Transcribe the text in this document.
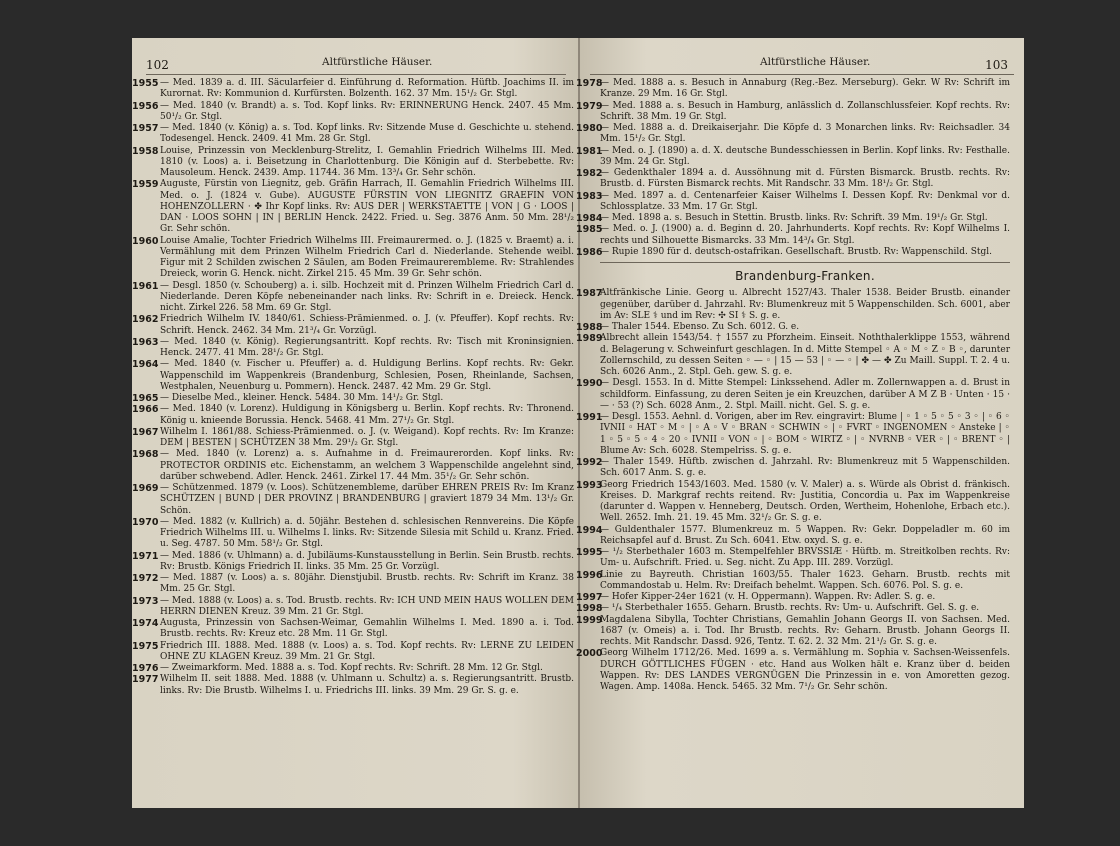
102	Altfürstliche Häuser.
1955 — Med. 1839 a. d. III. Säcularfeier d. Einführung d. Reformation. Hüftb. Joachims II. im Kurornat. Rv: Kommunion d. Kurfürsten. Bolzenth. 162. 37 Mm. 15¹/₂ Gr. Stgl.
1956 — Med. 1840 (v. Brandt) a. s. Tod. Kopf links. Rv: ERINNERUNG Henck. 2407. 45 Mm. 50¹/₂ Gr. Stgl.
1957 — Med. 1840 (v. König) a. s. Tod. Kopf links. Rv: Sitzende Muse d. Geschichte u. stehend. Todesengel. Henck. 2409. 41 Mm. 28 Gr. Stgl.
1958 Louise, Prinzessin von Mecklenburg-Strelitz, I. Gemahlin Friedrich Wilhelms III. Med. 1810 (v. Loos) a. i. Beisetzung in Charlottenburg. Die Königin auf d. Sterbebette. Rv: Mausoleum. Henck. 2439. Amp. 11744. 36 Mm. 13³/₄ Gr. Sehr schön.
1959 Auguste, Fürstin von Liegnitz, geb. Gräfin Harrach, II. Gemahlin Friedrich Wilhelms III. Med. o. J. (1824 v. Gube). AUGUSTE FÜRSTIN VON LIEGNITZ GRAEFIN VON HOHENZOLLERN · ✤ Ihr Kopf links. Rv: AUS DER | WERKSTAETTE | VON | G · LOOS | DAN · LOOS SOHN | IN | BERLIN Henck. 2422. Fried. u. Seg. 3876 Anm. 50 Mm. 28¹/₂ Gr. Sehr schön.
1960 Louise Amalie, Tochter Friedrich Wilhelms III. Freimaurermed. o. J. (1825 v. Braemt) a. i. Vermählung mit dem Prinzen Wilhelm Friedrich Carl d. Niederlande. Stehende weibl. Figur mit 2 Schilden zwischen 2 Säulen, am Boden Freimaurerembleme. Rv: Strahlendes Dreieck, worin G. Henck. nicht. Zirkel 215. 45 Mm. 39 Gr. Sehr schön.
1961 — Desgl. 1850 (v. Schouberg) a. i. silb. Hochzeit mit d. Prinzen Wilhelm Friedrich Carl d. Niederlande. Deren Köpfe nebeneinander nach links. Rv: Schrift in e. Dreieck. Henck. nicht. Zirkel 226. 58 Mm. 69 Gr. Stgl.
1962 Friedrich Wilhelm IV. 1840/61. Schiess-Prämienmed. o. J. (v. Pfeuffer). Kopf rechts. Rv: Schrift. Henck. 2462. 34 Mm. 21³/₄ Gr. Vorzügl.
1963 — Med. 1840 (v. König). Regierungsantritt. Kopf rechts. Rv: Tisch mit Kroninsignien. Henck. 2477. 41 Mm. 28¹/₂ Gr. Stgl.
1964 — Med. 1840 (v. Fischer u. Pfeuffer) a. d. Huldigung Berlins. Kopf rechts. Rv: Gekr. Wappenschild im Wappenkreis (Brandenburg, Schlesien, Posen, Rheinlande, Sachsen, Westphalen, Neuenburg u. Pommern). Henck. 2487. 42 Mm. 29 Gr. Stgl.
1965 — Dieselbe Med., kleiner. Henck. 5484. 30 Mm. 14¹/₂ Gr. Stgl.
1966 — Med. 1840 (v. Lorenz). Huldigung in Königsberg u. Berlin. Kopf rechts. Rv: Thronend. König u. knieende Borussia. Henck. 5468. 41 Mm. 27¹/₂ Gr. Stgl.
1967 Wilhelm I. 1861/88. Schiess-Prämienmed. o. J. (v. Weigand). Kopf rechts. Rv: Im Kranze: DEM | BESTEN | SCHÜTZEN 38 Mm. 29¹/₂ Gr. Stgl.
1968 — Med. 1840 (v. Lorenz) a. s. Aufnahme in d. Freimaurerorden. Kopf links. Rv: PROTECTOR ORDINIS etc. Eichenstamm, an welchem 3 Wappenschilde angelehnt sind, darüber schwebend. Adler. Henck. 2461. Zirkel 17. 44 Mm. 35¹/₂ Gr. Sehr schön.
1969 — Schützenmed. 1879 (v. Loos). Schützenembleme, darüber EHREN PREIS Rv: Im Kranz SCHÜTZEN | BUND | DER PROVINZ | BRANDENBURG | graviert 1879 34 Mm. 13¹/₂ Gr. Schön.
1970 — Med. 1882 (v. Kullrich) a. d. 50jähr. Bestehen d. schlesischen Rennvereins. Die Köpfe Friedrich Wilhelms III. u. Wilhelms I. links. Rv: Sitzende Silesia mit Schild u. Kranz. Fried. u. Seg. 4787. 50 Mm. 58¹/₂ Gr. Stgl.
1971 — Med. 1886 (v. Uhlmann) a. d. Jubiläums-Kunstausstellung in Berlin. Sein Brustb. rechts. Rv: Brustb. Königs Friedrich II. links. 35 Mm. 25 Gr. Vorzügl.
1972 — Med. 1887 (v. Loos) a. s. 80jähr. Dienstjubil. Brustb. rechts. Rv: Schrift im Kranz. 38 Mm. 25 Gr. Stgl.
1973 — Med. 1888 (v. Loos) a. s. Tod. Brustb. rechts. Rv: ICH UND MEIN HAUS WOLLEN DEM HERRN DIENEN Kreuz. 39 Mm. 21 Gr. Stgl.
1974 Augusta, Prinzessin von Sachsen-Weimar, Gemahlin Wilhelms I. Med. 1890 a. i. Tod. Brustb. rechts. Rv: Kreuz etc. 28 Mm. 11 Gr. Stgl.
1975 Friedrich III. 1888. Med. 1888 (v. Loos) a. s. Tod. Kopf rechts. Rv: LERNE ZU LEIDEN OHNE ZU KLAGEN Kreuz. 39 Mm. 21 Gr. Stgl.
1976 — Zweimarkform. Med. 1888 a. s. Tod. Kopf rechts. Rv: Schrift. 28 Mm. 12 Gr. Stgl.
1977 Wilhelm II. seit 1888. Med. 1888 (v. Uhlmann u. Schultz) a. s. Regierungsantritt. Brustb. links. Rv: Die Brustb. Wilhelms I. u. Friedrichs III. links. 39 Mm. 29 Gr. S. g. e.
Altfürstliche Häuser.	103
1978
— Med. 1888 a. s. Besuch in Annaburg (Reg.-Bez. Merseburg). Gekr. W Rv: Schrift im Kranze. 29 Mm. 16 Gr. Stgl.
1979
— Med. 1888 a. s. Besuch in Hamburg, anlässlich d. Zollanschlussfeier. Kopf rechts. Rv: Schrift. 38 Mm. 19 Gr. Stgl.
1980
— Med. 1888 a. d. Dreikaiserjahr. Die Köpfe d. 3 Monarchen links. Rv: Reichsadler. 34 Mm. 15¹/₂ Gr. Stgl.
1981
— Med. o. J. (1890) a. d. X. deutsche Bundesschiessen in Berlin. Kopf links. Rv: Festhalle. 39 Mm. 24 Gr. Stgl.
1982
— Gedenkthaler 1894 a. d. Aussöhnung mit d. Fürsten Bismarck. Brustb. rechts. Rv: Brustb. d. Fürsten Bismarck rechts. Mit Randschr. 33 Mm. 18¹/₂ Gr. Stgl.
1983
— Med. 1897 a. d. Centenarfeier Kaiser Wilhelms I. Dessen Kopf. Rv: Denkmal vor d. Schlossplatze. 33 Mm. 17 Gr. Stgl.
1984
— Med. 1898 a. s. Besuch in Stettin. Brustb. links. Rv: Schrift. 39 Mm. 19¹/₂ Gr. Stgl.
1985
— Med. o. J. (1900) a. d. Beginn d. 20. Jahrhunderts. Kopf rechts. Rv: Kopf Wilhelms I. rechts und Silhouette Bismarcks. 33 Mm. 14³/₄ Gr. Stgl.
1986
— Rupie 1890 für d. deutsch-ostafrikan. Gesellschaft. Brustb. Rv: Wappenschild. Stgl.
Brandenburg-Franken.
1987
Altfränkische Linie. Georg u. Albrecht 1527/43. Thaler 1538. Beider Brustb. einander gegenüber, darüber d. Jahrzahl. Rv: Blumenkreuz mit 5 Wappenschilden. Sch. 6001, aber im Av: SLE ⚕ und im Rev: ✣ SI ⚕ S. g. e.
1988
— Thaler 1544. Ebenso. Zu Sch. 6012. G. e.
1989
Albrecht allein 1543/54. † 1557 zu Pforzheim. Einseit. Noththalerklippe 1553, während d. Belagerung v. Schweinfurt geschlagen. In d. Mitte Stempel ◦ A ◦ M ◦ Z ◦ B ◦, darunter Zollernschild, zu dessen Seiten ◦ — ◦ | 15 — 53 | ◦ — ◦ | ✤ — ✤ Zu Maill. Suppl. T. 2. 4 u. Sch. 6026 Anm., 2. Stpl. Geh. gew. S. g. e.
1990
— Desgl. 1553. In d. Mitte Stempel: Linkssehend. Adler m. Zollernwappen a. d. Brust in schildform. Einfassung, zu deren Seiten je ein Kreuzchen, darüber A M Z B · Unten · 15 · — · 53 (?) Sch. 6028 Anm., 2. Stpl. Maill. nicht. Gel. S. g. e.
1991
— Desgl. 1553. Aehnl. d. Vorigen, aber im Rev. eingravirt: Blume | ◦ 1 ◦ 5 ◦ 5 ◦ 3 ◦ | ◦ 6 ◦ IVNII ◦ HAT ◦ M ◦ | ◦ A ◦ V ◦ BRAN ◦ SCHWIN ◦ | ◦ FVRT ◦ INGENOMEN ◦ Ansteke | ◦ 1 ◦ 5 ◦ 5 ◦ 4 ◦ 20 ◦ IVNII ◦ VON ◦ | ◦ BOM ◦ WIRTZ ◦ | ◦ NVRNB ◦ VER ◦ | ◦ BRENT ◦ | Blume Av: Sch. 6028. Stempelriss. S. g. e.
1992
— Thaler 1549. Hüftb. zwischen d. Jahrzahl. Rv: Blumenkreuz mit 5 Wappenschilden. Sch. 6017 Anm. S. g. e.
1993
Georg Friedrich 1543/1603. Med. 1580 (v. V. Maler) a. s. Würde als Obrist d. fränkisch. Kreises. D. Markgraf rechts reitend. Rv: Justitia, Concordia u. Pax im Wappenkreise (darunter d. Wappen v. Henneberg, Deutsch. Orden, Wertheim, Hohenlohe, Erbach etc.). Well. 2652. Imh. 21. 19. 45 Mm. 32¹/₂ Gr. S. g. e.
1994
— Guldenthaler 1577. Blumenkreuz m. 5 Wappen. Rv: Gekr. Doppeladler m. 60 im Reichsapfel auf d. Brust. Zu Sch. 6041. Etw. oxyd. S. g. e.
1995
— ¹/₂ Sterbethaler 1603 m. Stempelfehler BRVSSIÆ · Hüftb. m. Streitkolben rechts. Rv: Um- u. Aufschrift. Fried. u. Seg. nicht. Zu App. III. 289. Vorzügl.
1996
Linie zu Bayreuth. Christian 1603/55. Thaler 1623. Geharn. Brustb. rechts mit Commandostab u. Helm. Rv: Dreifach behelmt. Wappen. Sch. 6076. Pol. S. g. e.
1997
— Hofer Kipper-24er 1621 (v. H. Oppermann). Wappen. Rv: Adler. S. g. e.
1998
— ¹/₄ Sterbethaler 1655. Geharn. Brustb. rechts. Rv: Um- u. Aufschrift. Gel. S. g. e.
1999
Magdalena Sibylla, Tochter Christians, Gemahlin Johann Georgs II. von Sachsen. Med. 1687 (v. Omeis) a. i. Tod. Ihr Brustb. rechts. Rv: Geharn. Brustb. Johann Georgs II. rechts. Mit Randschr. Dassd. 926, Tentz. T. 62. 2. 32 Mm. 21¹/₂ Gr. S. g. e.
2000
Georg Wilhelm 1712/26. Med. 1699 a. s. Vermählung m. Sophia v. Sachsen-Weissenfels. DURCH GÖTTLICHES FÜGEN · etc. Hand aus Wolken hält e. Kranz über d. beiden Wappen. Rv: DES LANDES VERGNÜGEN Die Prinzessin in e. von Amoretten gezog. Wagen. Amp. 1408a. Henck. 5465. 32 Mm. 7¹/₂ Gr. Sehr schön.
